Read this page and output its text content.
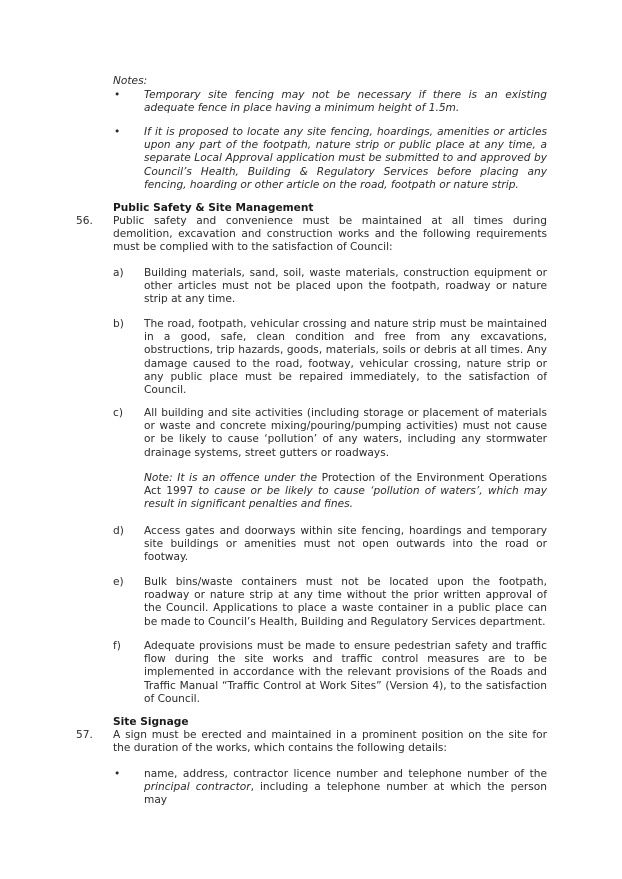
Notes:
• Temporary site fencing may not be necessary if there is an existing adequate fence in place having a minimum height of 1.5m.
• If it is proposed to locate any site fencing, hoardings, amenities or articles upon any part of the footpath, nature strip or public place at any time, a separate Local Approval application must be submitted to and approved by Council’s Health, Building & Regulatory Services before placing any fencing, hoarding or other article on the road, footpath or nature strip.
Public Safety & Site Management
56. Public safety and convenience must be maintained at all times during demolition, excavation and construction works and the following requirements must be complied with to the satisfaction of Council:
a) Building materials, sand, soil, waste materials, construction equipment or other articles must not be placed upon the footpath, roadway or nature strip at any time.
b) The road, footpath, vehicular crossing and nature strip must be maintained in a good, safe, clean condition and free from any excavations, obstructions, trip hazards, goods, materials, soils or debris at all times. Any damage caused to the road, footway, vehicular crossing, nature strip or any public place must be repaired immediately, to the satisfaction of Council.
c) All building and site activities (including storage or placement of materials or waste and concrete mixing/pouring/pumping activities) must not cause or be likely to cause ‘pollution’ of any waters, including any stormwater drainage systems, street gutters or roadways.
Note: It is an offence under the Protection of the Environment Operations Act 1997 to cause or be likely to cause ‘pollution of waters’, which may result in significant penalties and fines.
d) Access gates and doorways within site fencing, hoardings and temporary site buildings or amenities must not open outwards into the road or footway.
e) Bulk bins/waste containers must not be located upon the footpath, roadway or nature strip at any time without the prior written approval of the Council. Applications to place a waste container in a public place can be made to Council’s Health, Building and Regulatory Services department.
f) Adequate provisions must be made to ensure pedestrian safety and traffic flow during the site works and traffic control measures are to be implemented in accordance with the relevant provisions of the Roads and Traffic Manual “Traffic Control at Work Sites” (Version 4), to the satisfaction of Council.
Site Signage
57. A sign must be erected and maintained in a prominent position on the site for the duration of the works, which contains the following details:
• name, address, contractor licence number and telephone number of the principal contractor, including a telephone number at which the person may
